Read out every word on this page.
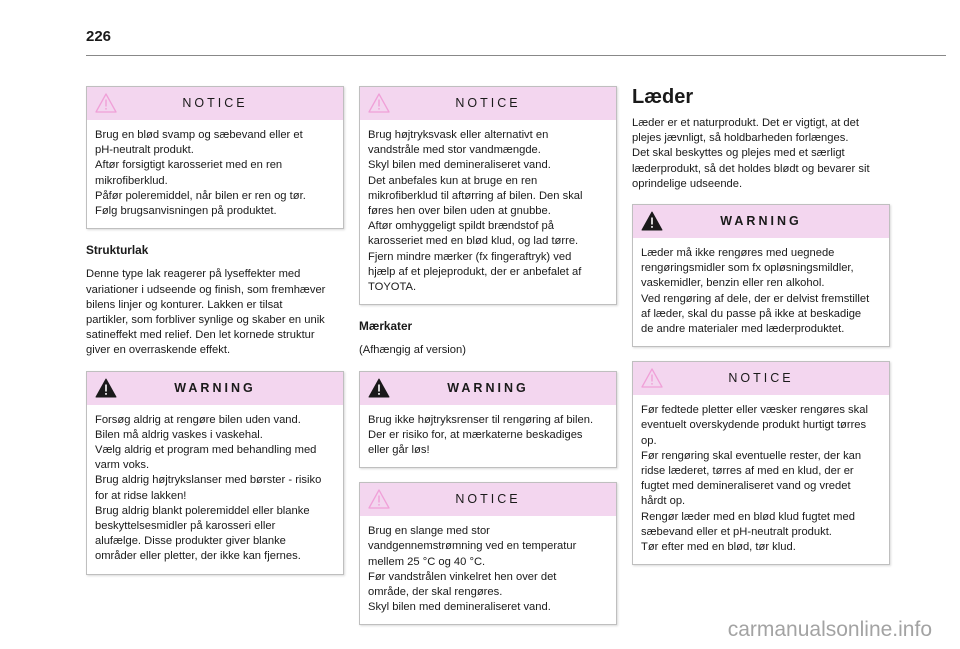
226
NOTICE
Brug en blød svamp og sæbevand eller et
pH-neutralt produkt.
Aftør forsigtigt karosseriet med en ren
mikrofiberklud.
Påfør poleremiddel, når bilen er ren og tør.
Følg brugsanvisningen på produktet.
Strukturlak

Denne type lak reagerer på lyseffekter med
variationer i udseende og finish, som fremhæver
bilens linjer og konturer. Lakken er tilsat
partikler, som forbliver synlige og skaber en unik
satineffekt med relief. Den let kornede struktur
giver en overraskende effekt.

WARNING
Forsøg aldrig at rengøre bilen uden vand.
Bilen må aldrig vaskes i vaskehal.
Vælg aldrig et program med behandling med
varm voks.
Brug aldrig højtrykslanser med børster - risiko
for at ridse lakken!
Brug aldrig blankt poleremiddel eller blanke
beskyttelsesmidler på karosseri eller
alufælge. Disse produkter giver blanke
områder eller pletter, der ikke kan fjernes.
NOTICE
Brug højtryksvask eller alternativt en
vandstråle med stor vandmængde.
Skyl bilen med demineraliseret vand.
Det anbefales kun at bruge en ren
mikrofiberklud til aftørring af bilen. Den skal
føres hen over bilen uden at gnubbe.
Aftør omhyggeligt spildt brændstof på
karosseriet med en blød klud, og lad tørre.
Fjern mindre mærker (fx fingeraftryk) ved
hjælp af et plejeprodukt, der er anbefalet af
TOYOTA.
Mærkater

(Afhængig af version)

WARNING
Brug ikke højtryksrenser til rengøring af bilen.
Der er risiko for, at mærkaterne beskadiges
eller går løs!
NOTICE
Brug en slange med stor
vandgennemstrømning ved en temperatur
mellem 25 °C og 40 °C.
Før vandstrålen vinkelret hen over det
område, der skal rengøres.
Skyl bilen med demineraliseret vand.
Læder

Læder er et naturprodukt. Det er vigtigt, at det
plejes jævnligt, så holdbarheden forlænges.
Det skal beskyttes og plejes med et særligt
læderprodukt, så det holdes blødt og bevarer sit
oprindelige udseende.

WARNING
Læder må ikke rengøres med uegnede
rengøringsmidler som fx opløsningsmildler,
vaskemidler, benzin eller ren alkohol.
Ved rengøring af dele, der er delvist fremstillet
af læder, skal du passe på ikke at beskadige
de andre materialer med læderproduktet.
NOTICE
Før fedtede pletter eller væsker rengøres skal
eventuelt overskydende produkt hurtigt tørres
op.
Før rengøring skal eventuelle rester, der kan
ridse læderet, tørres af med en klud, der er
fugtet med demineraliseret vand og vredet
hårdt op.
Rengør læder med en blød klud fugtet med
sæbevand eller et pH-neutralt produkt.
Tør efter med en blød, tør klud.
carmanualsonline.info
